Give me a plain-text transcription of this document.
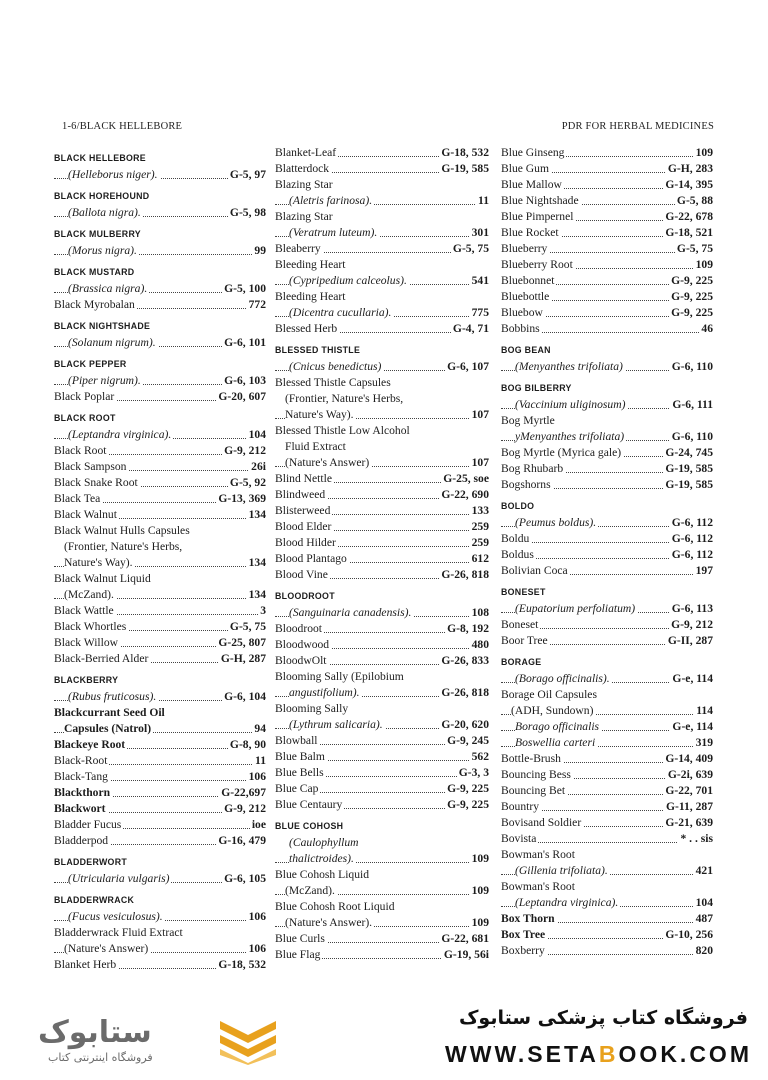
1-6/BLACK HELLEBORE	PDR FOR HERBAL MEDICINES
BLACK HELLEBORE
(Helleborus niger).	G-5, 97
BLACK HOREHOUND
(Ballota nigra).	G-5, 98
BLACK MULBERRY
(Morus nigra).	99
BLACK MUSTARD
(Brassica nigra).	G-5, 100
Black Myrobalan	772
BLACK NIGHTSHADE
(Solanum nigrum).	G-6, 101
BLACK PEPPER
(Piper nigrum).	G-6, 103
Black Poplar	G-20, 607
BLACK ROOT
(Leptandra virginica).	104
Black Root	G-9, 212
Black Sampson	26i
Black Snake Root	G-5, 92
Black Tea	G-13, 369
Black Walnut	134
Black Walnut Hulls Capsules
(Frontier, Nature's Herbs,
Nature's Way).	134
Black Walnut Liquid
(McZand).	134
Black Wattle	3
Black Whortles	G-5, 75
Black Willow	G-25, 807
Black-Berried Alder	G-H, 287
BLACKBERRY
(Rubus fruticosus).	G-6, 104
Blackcurrant Seed Oil
Capsules (Natrol)	94
Blackeye Root	G-8, 90
Black-Root	11
Black-Tang	106
Blackthorn	G-22,697
Blackwort	G-9, 212
Bladder Fucus	ioe
Bladderpod	G-16, 479
BLADDERWORT
(Utricularia vulgaris)	G-6, 105
BLADDERWRACK
(Fucus vesiculosus).	106
Bladderwrack Fluid Extract
(Nature's Answer)	106
Blanket Herb	G-18, 532
Blanket-Leaf	G-18, 532
Blatterdock	G-19, 585
Blazing Star
(Aletris farinosa).	11
Blazing Star
(Veratrum luteum).	301
Bleaberry	G-5, 75
Bleeding Heart
(Cypripedium calceolus).	541
Bleeding Heart
(Dicentra cucullaria).	775
Blessed Herb	G-4, 71
BLESSED THISTLE
(Cnicus benedictus)	G-6, 107
Blessed Thistle Capsules
(Frontier, Nature's Herbs,
Nature's Way).	107
Blessed Thistle Low Alcohol
Fluid Extract
(Nature's Answer)	107
Blind Nettle	G-25, soe
Blindweed	G-22, 690
Blisterweed	133
Blood Elder	259
Blood Hilder	259
Blood Plantago	612
Blood Vine	G-26, 818
BLOODROOT
(Sanguinaria canadensis).	108
Bloodroot	G-8, 192
Bloodwood	480
BloodwOlt	G-26, 833
Blooming Sally (Epilobium
angustifolium).	G-26, 818
Blooming Sally
(Lythrum salicaria).	G-20, 620
Blowball	G-9, 245
Blue Balm	562
Blue Bells	G-3, 3
Blue Cap	G-9, 225
Blue Centaury	G-9, 225
BLUE COHOSH
(Caulophyllum
thalictroides).	109
Blue Cohosh Liquid
(McZand).	109
Blue Cohosh Root Liquid
(Nature's Answer).	109
Blue Curls	G-22, 681
Blue Flag	G-19, 56i
Blue Ginseng	109
Blue Gum	G-H, 283
Blue Mallow	G-14, 395
Blue Nightshade	G-5, 88
Blue Pimpernel	G-22, 678
Blue Rocket	G-18, 521
Blueberry	G-5, 75
Blueberry Root	109
Bluebonnet	G-9, 225
Bluebottle	G-9, 225
Bluebow	G-9, 225
Bobbins	46
BOG BEAN
(Menyanthes trifoliata)	G-6, 110
BOG BILBERRY
(Vaccinium uliginosum)	G-6, 111
Bog Myrtle
yMenyanthes trifoliata)	G-6, 110
Bog Myrtle (Myrica gale)	G-24, 745
Bog Rhubarb	G-19, 585
Bogshorns	G-19, 585
BOLDO
(Peumus boldus).	G-6, 112
Boldu	G-6, 112
Boldus	G-6, 112
Bolivian Coca	197
BONESET
(Eupatorium perfoliatum)	G-6, 113
Boneset	G-9, 212
Boor Tree	G-II, 287
BORAGE
(Borago officinalis).	G-e, 114
Borage Oil Capsules
(ADH, Sundown)	114
Borago officinalis	G-e, 114
Boswellia carteri	319
Bottle-Brush	G-14, 409
Bouncing Bess	G-2i, 639
Bouncing Bet	G-22, 701
Bountry	G-11, 287
Bovisand Soldier	G-21, 639
Bovista	* . . sis
Bowman's Root
(Gillenia trifoliata).	421
Bowman's Root
(Leptandra virginica).	104
Box Thorn	487
Box Tree	G-10, 256
Boxberry	820
ستابوک
فروشگاه اینترنتی کتاب
فروشگاه کتاب پزشکی ستابوک
WWW.SETABOOK.COM
